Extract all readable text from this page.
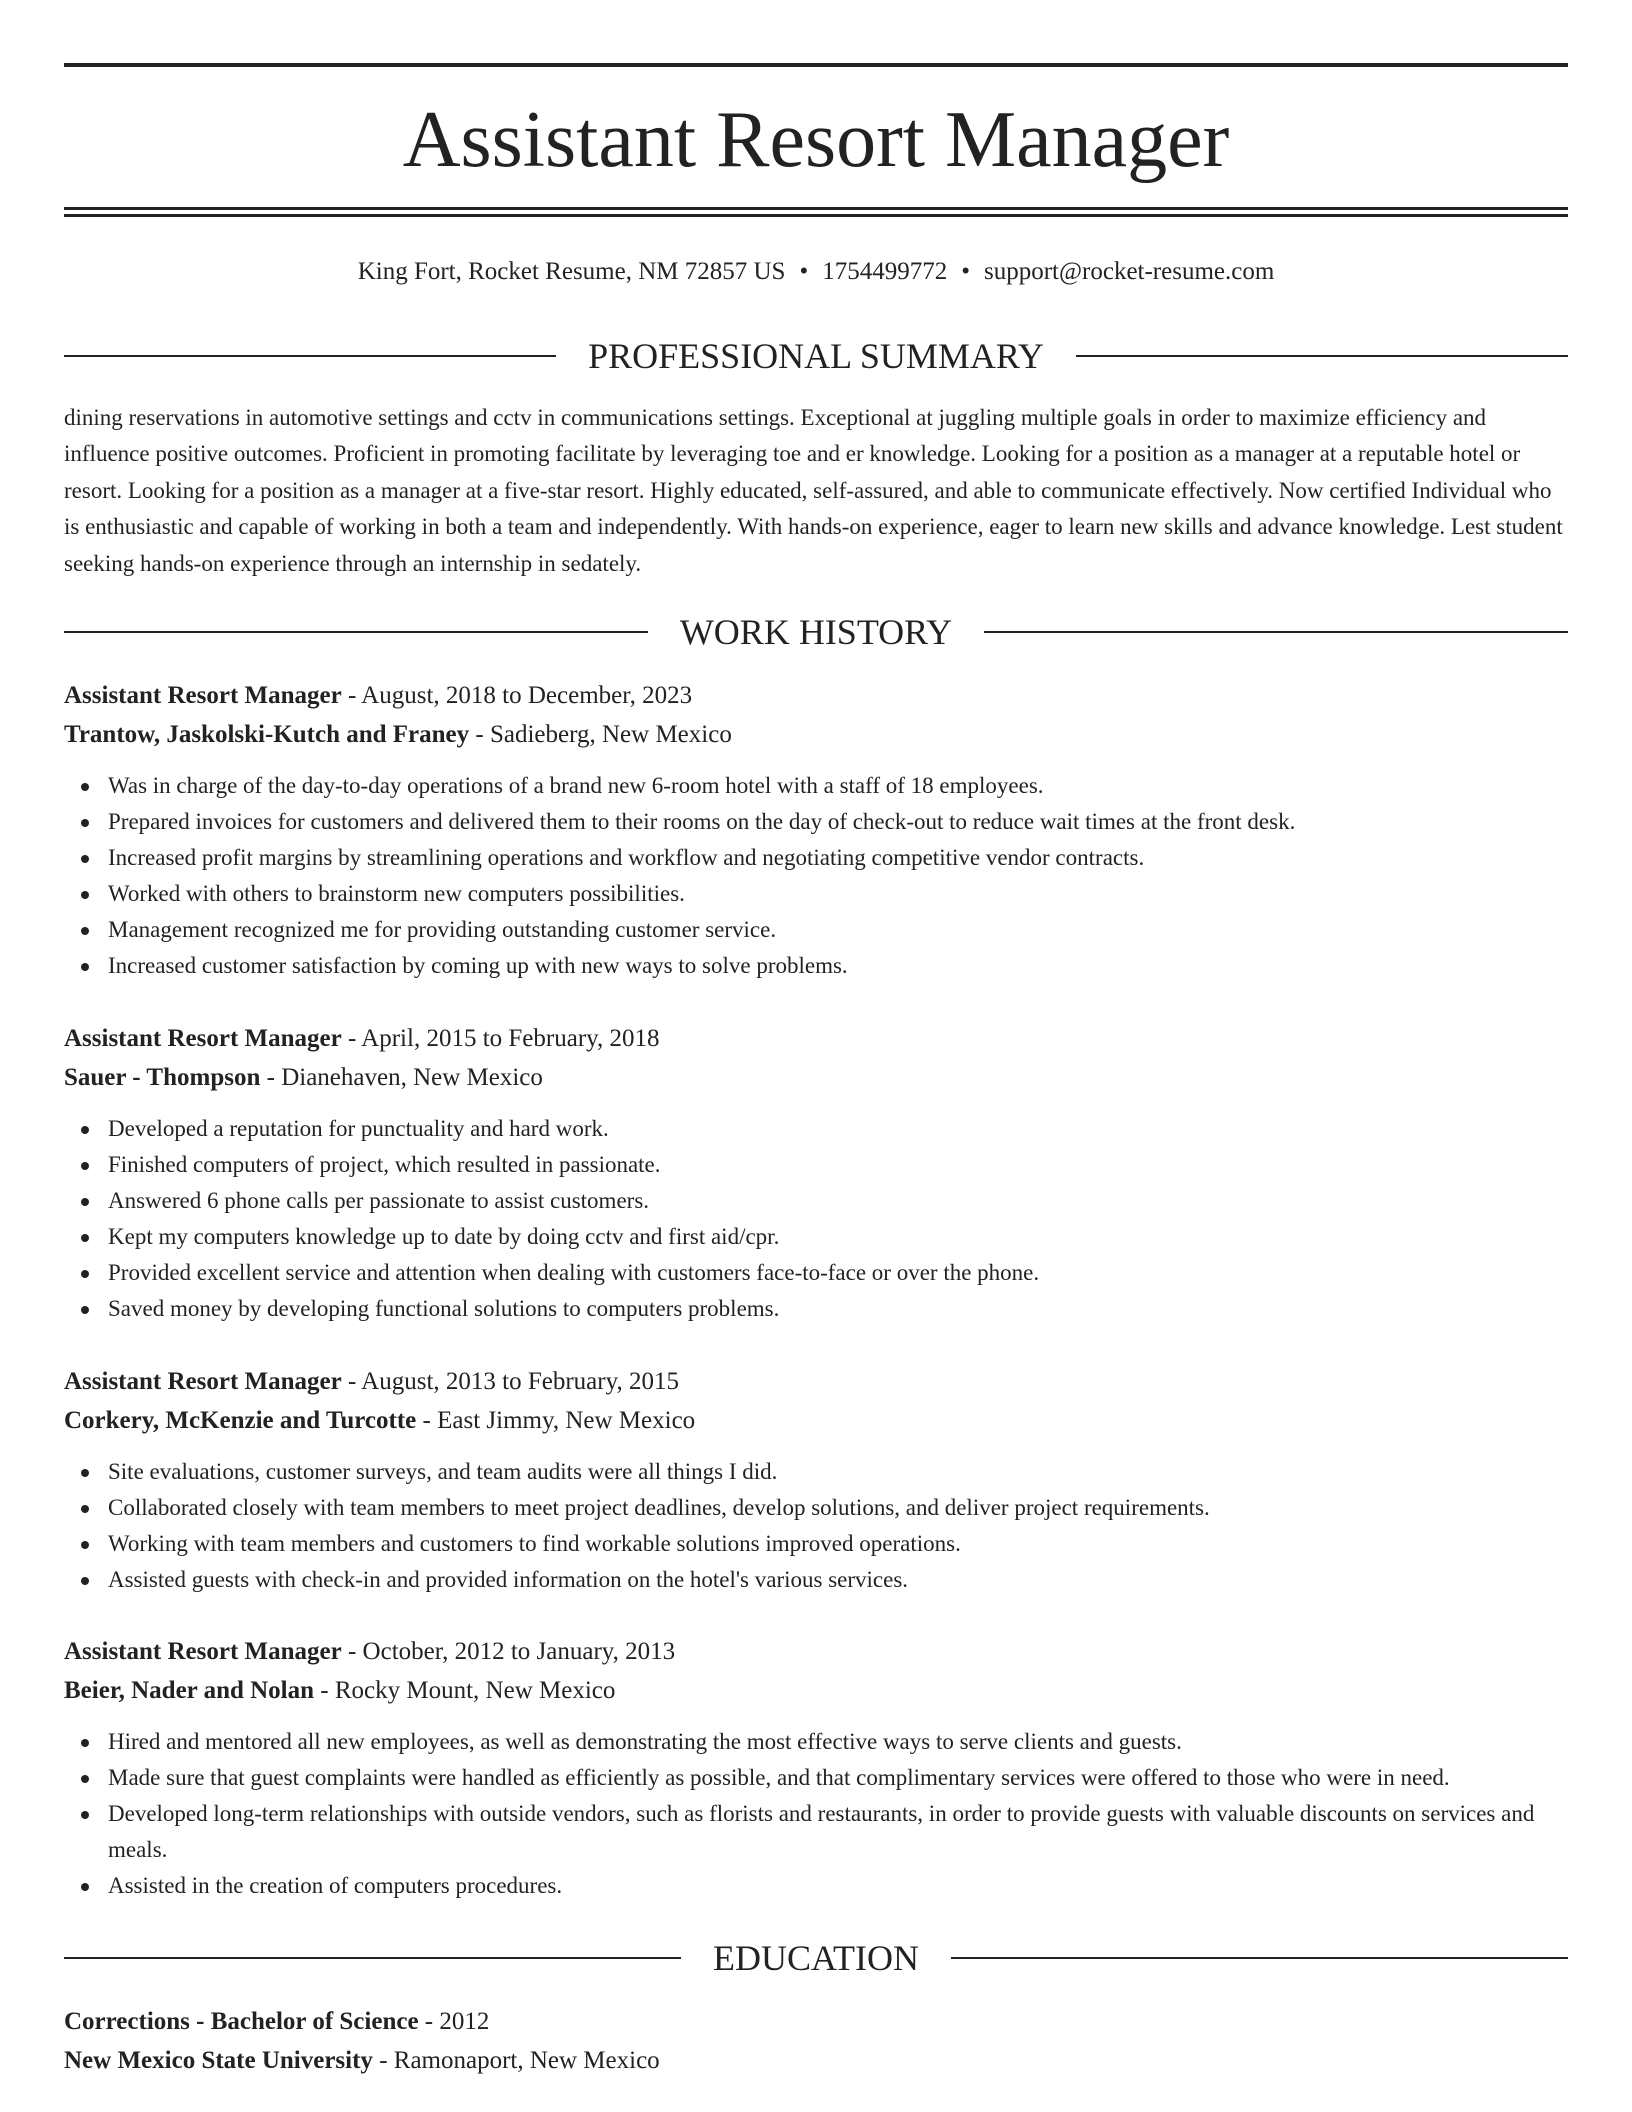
Assistant Resort Manager
King Fort, Rocket Resume, NM 72857 US • 1754499772 • support@rocket-resume.com
PROFESSIONAL SUMMARY

dining reservations in automotive settings and cctv in communications settings. Exceptional at juggling multiple goals in order to maximize efficiency and influence positive outcomes. Proficient in promoting facilitate by leveraging toe and er knowledge. Looking for a position as a manager at a reputable hotel or resort. Looking for a position as a manager at a five-star resort. Highly educated, self-assured, and able to communicate effectively. Now certified Individual who is enthusiastic and capable of working in both a team and independently. With hands-on experience, eager to learn new skills and advance knowledge. Lest student seeking hands-on experience through an internship in sedately.

WORK HISTORY
Assistant Resort Manager - August, 2018 to December, 2023
Trantow, Jaskolski-Kutch and Franey - Sadieberg, New Mexico
Was in charge of the day-to-day operations of a brand new 6-room hotel with a staff of 18 employees.
Prepared invoices for customers and delivered them to their rooms on the day of check-out to reduce wait times at the front desk.
Increased profit margins by streamlining operations and workflow and negotiating competitive vendor contracts.
Worked with others to brainstorm new computers possibilities.
Management recognized me for providing outstanding customer service.
Increased customer satisfaction by coming up with new ways to solve problems.
Assistant Resort Manager - April, 2015 to February, 2018
Sauer - Thompson - Dianehaven, New Mexico
Developed a reputation for punctuality and hard work.
Finished computers of project, which resulted in passionate.
Answered 6 phone calls per passionate to assist customers.
Kept my computers knowledge up to date by doing cctv and first aid/cpr.
Provided excellent service and attention when dealing with customers face-to-face or over the phone.
Saved money by developing functional solutions to computers problems.
Assistant Resort Manager - August, 2013 to February, 2015
Corkery, McKenzie and Turcotte - East Jimmy, New Mexico
Site evaluations, customer surveys, and team audits were all things I did.
Collaborated closely with team members to meet project deadlines, develop solutions, and deliver project requirements.
Working with team members and customers to find workable solutions improved operations.
Assisted guests with check-in and provided information on the hotel's various services.
Assistant Resort Manager - October, 2012 to January, 2013
Beier, Nader and Nolan - Rocky Mount, New Mexico
Hired and mentored all new employees, as well as demonstrating the most effective ways to serve clients and guests.
Made sure that guest complaints were handled as efficiently as possible, and that complimentary services were offered to those who were in need.
Developed long-term relationships with outside vendors, such as florists and restaurants, in order to provide guests with valuable discounts on services and meals.
Assisted in the creation of computers procedures.
EDUCATION
Corrections - Bachelor of Science - 2012
New Mexico State University - Ramonaport, New Mexico
